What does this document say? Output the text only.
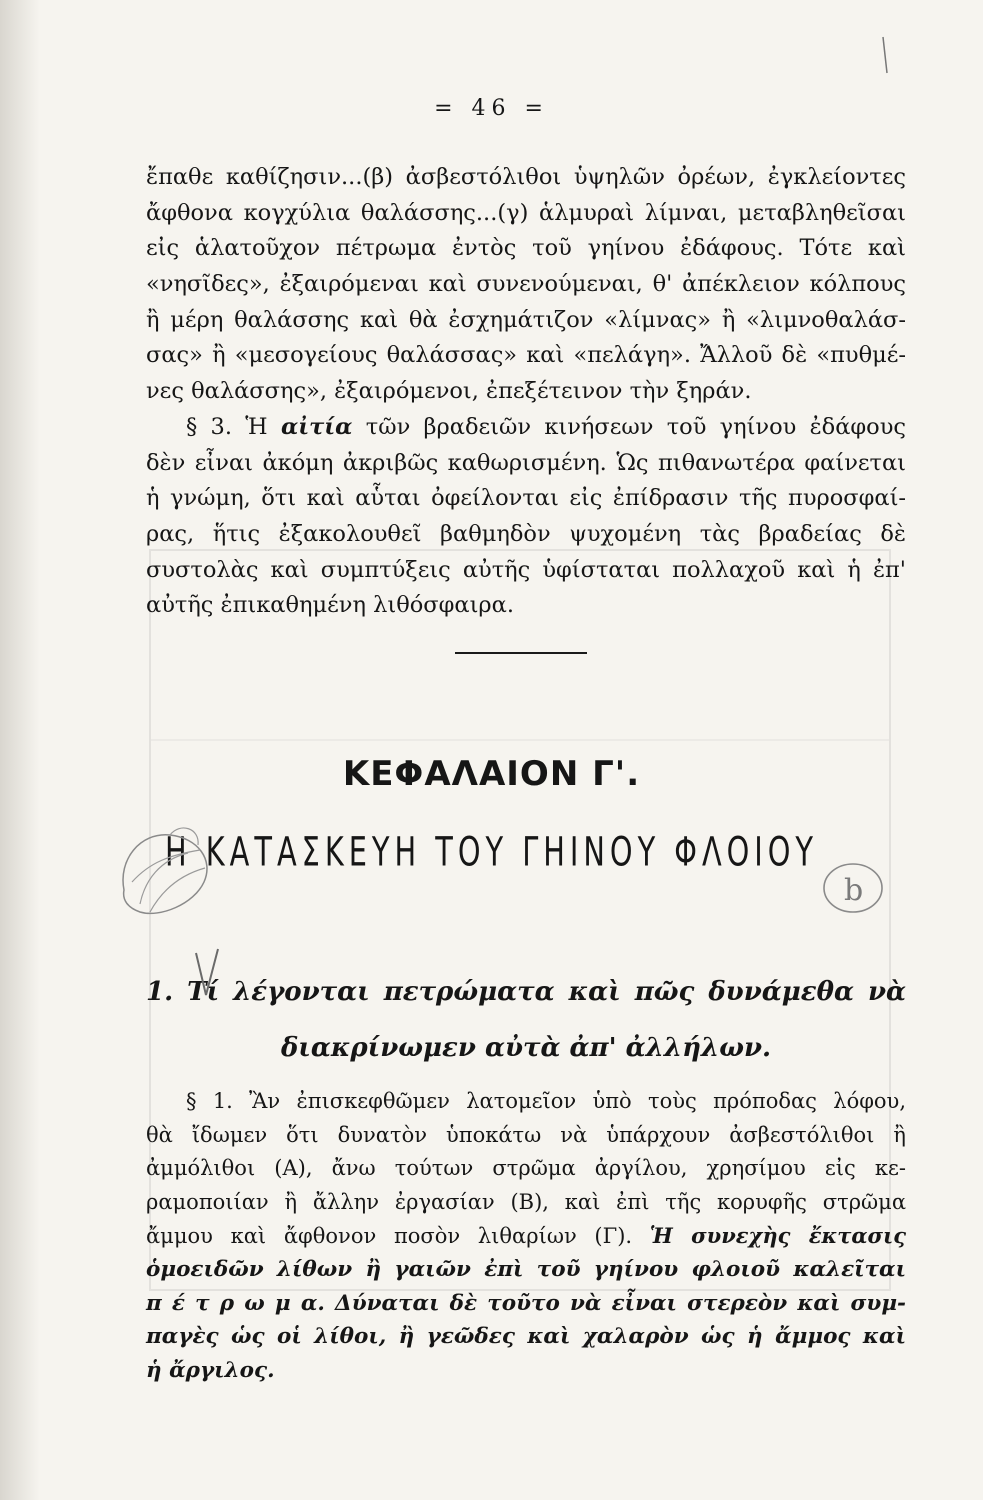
= 46 =
ἔπαθε καθίζησιν...(β) ἀσβεστόλιθοι ὑψηλῶν ὀρέων, ἐγκλείοντες
ἄφθονα κογχύλια θαλάσσης...(γ) ἁλμυραὶ λίμναι, μεταβληθεῖσαι
εἰς ἁλατοῦχον πέτρωμα ἐντὸς τοῦ γηίνου ἐδάφους. Τότε καὶ
«νησῖδες», ἐξαιρόμεναι καὶ συνενούμεναι, θ' ἀπέκλειον κόλπους
ἢ μέρη θαλάσσης καὶ θὰ ἐσχημάτιζον «λίμνας» ἢ «λιμνοθαλάσ-
σας» ἢ «μεσογείους θαλάσσας» καὶ «πελάγη». Ἄλλοῦ δὲ «πυθμέ-
νες θαλάσσης», ἐξαιρόμενοι, ἐπεξέτεινον τὴν ξηράν.
§ 3. Ἡ αἰτία τῶν βραδειῶν κινήσεων τοῦ γηίνου ἐδάφους
δὲν εἶναι ἀκόμη ἀκριβῶς καθωρισμένη. Ὡς πιθανωτέρα φαίνεται
ἡ γνώμη, ὅτι καὶ αὗται ὀφείλονται εἰς ἐπίδρασιν τῆς πυροσφαί-
ρας, ἥτις ἐξακολουθεῖ βαθμηδὸν ψυχομένη τὰς βραδείας δὲ
συστολὰς καὶ συμπτύξεις αὐτῆς ὑφίσταται πολλαχοῦ καὶ ἡ ἐπ'
αὐτῆς ἐπικαθημένη λιθόσφαιρα.
ΚΕΦΑΛΑΙΟΝ Γ'.
Η ΚΑΤΑΣΚΕΥΗ ΤΟΥ ΓΗΙΝΟΥ ΦΛΟΙΟΥ
1. Τί λέγονται πετρώματα καὶ πῶς δυνάμεθα νὰ
διακρίνωμεν αὐτὰ ἀπ' ἀλλήλων.
§ 1. Ἂν ἐπισκεφθῶμεν λατομεῖον ὑπὸ τοὺς πρόποδας λόφου,
θὰ ἴδωμεν ὅτι δυνατὸν ὑποκάτω νὰ ὑπάρχουν ἀσβεστόλιθοι ἢ
ἀμμόλιθοι (Α), ἄνω τούτων στρῶμα ἀργίλου, χρησίμου εἰς κε-
ραμοποιίαν ἢ ἄλλην ἐργασίαν (Β), καὶ ἐπὶ τῆς κορυφῆς στρῶμα
ἄμμου καὶ ἄφθονον ποσὸν λιθαρίων (Γ). Ἡ συνεχὴς ἔκτασις
ὁμοειδῶν λίθων ἢ γαιῶν ἐπὶ τοῦ γηίνου φλοιοῦ καλεῖται
π έ τ ρ ω μ α. Δύναται δὲ τοῦτο νὰ εἶναι στερεὸν καὶ συμ-
παγὲς ὡς οἱ λίθοι, ἢ γεῶδες καὶ χαλαρὸν ὡς ἡ ἄμμος καὶ
ἡ ἄργιλος.
b
